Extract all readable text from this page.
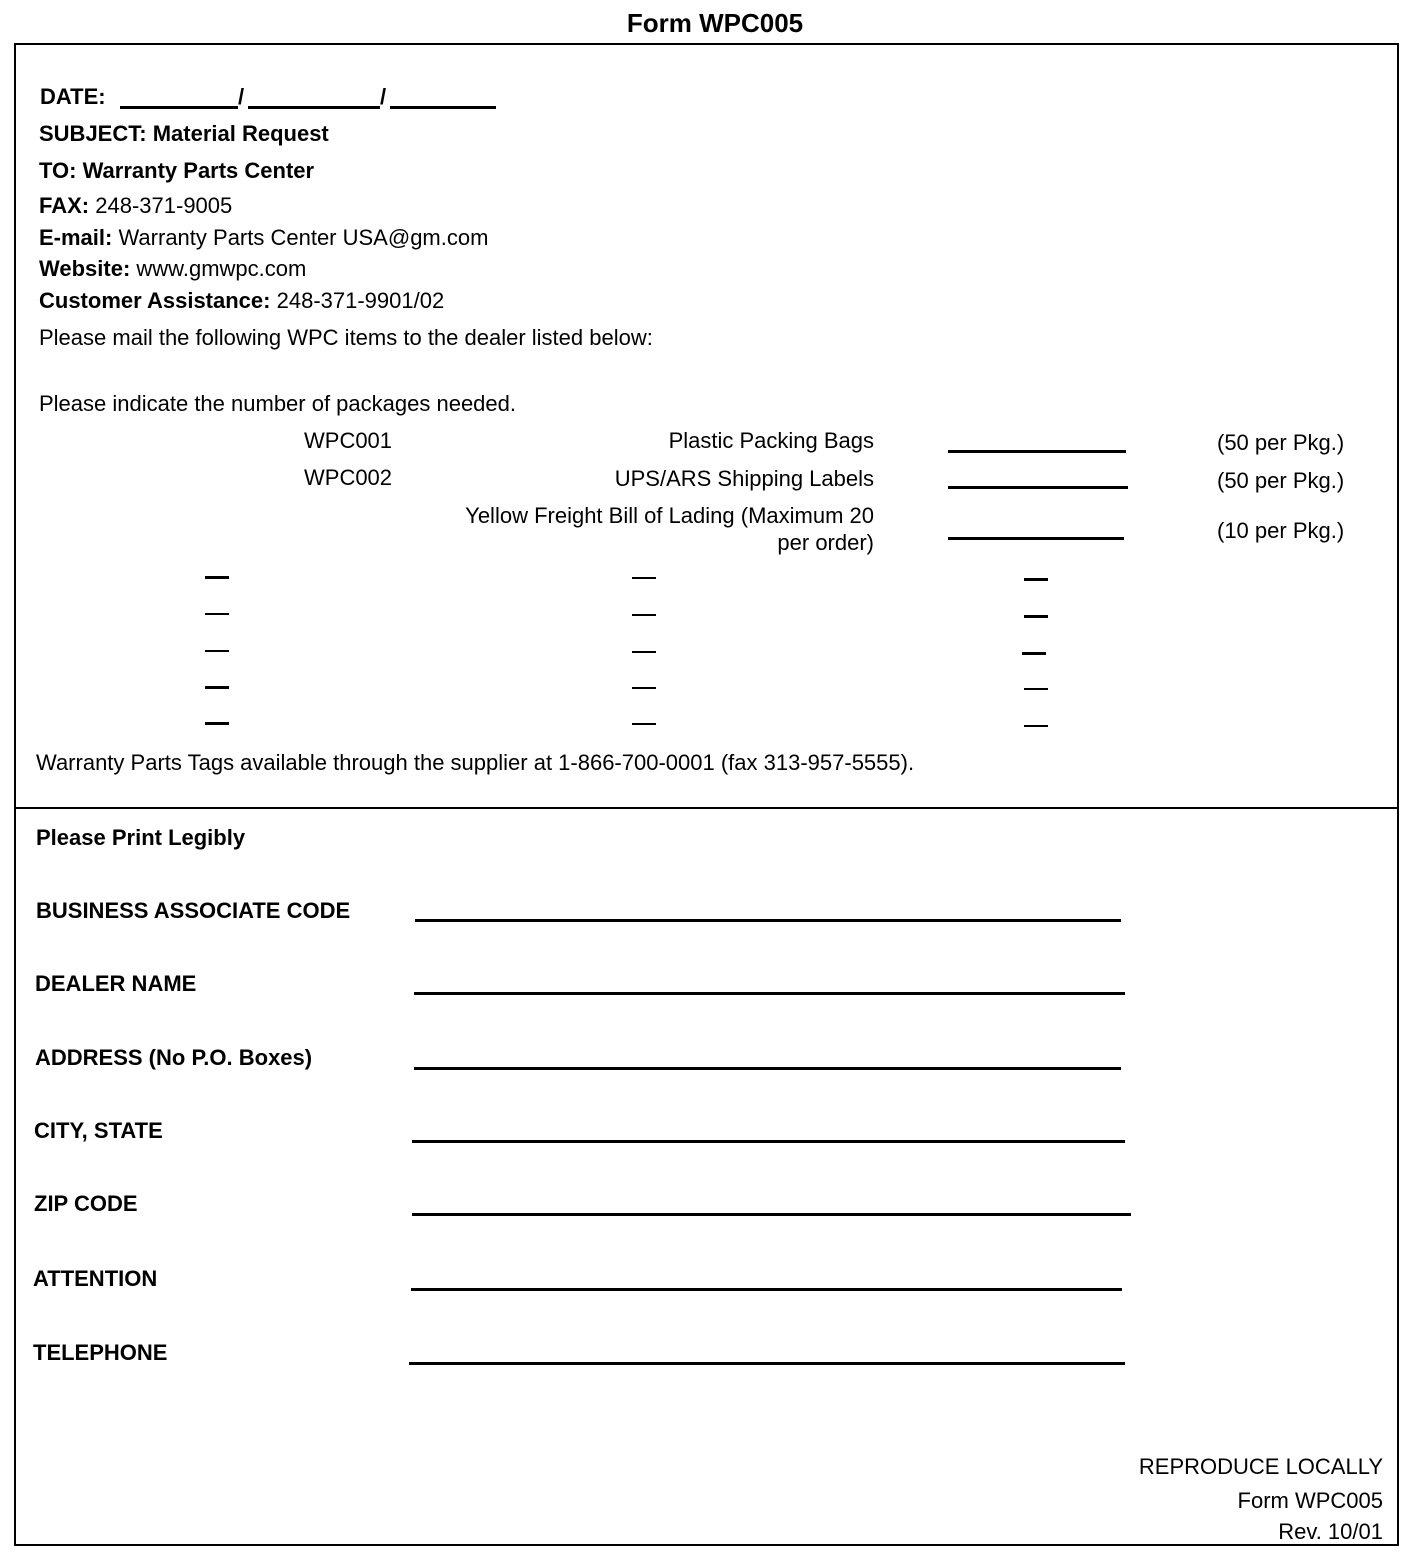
Form WPC005
DATE:	/	/
SUBJECT: Material Request
TO: Warranty Parts Center
FAX: 248-371-9005
E-mail: Warranty Parts Center USA@gm.com
Website: www.gmwpc.com
Customer Assistance: 248-371-9901/02
Please mail the following WPC items to the dealer listed below:
Please indicate the number of packages needed.
WPC001	Plastic Packing Bags	(50 per Pkg.)
WPC002	UPS/ARS Shipping Labels	(50 per Pkg.)
Yellow Freight Bill of Lading (Maximum 20
per order)	(10 per Pkg.)
Warranty Parts Tags available through the supplier at 1-866-700-0001 (fax 313-957-5555).
Please Print Legibly
BUSINESS ASSOCIATE CODE
DEALER NAME
ADDRESS (No P.O. Boxes)
CITY, STATE
ZIP CODE
ATTENTION
TELEPHONE
REPRODUCE LOCALLY
Form WPC005
Rev. 10/01
